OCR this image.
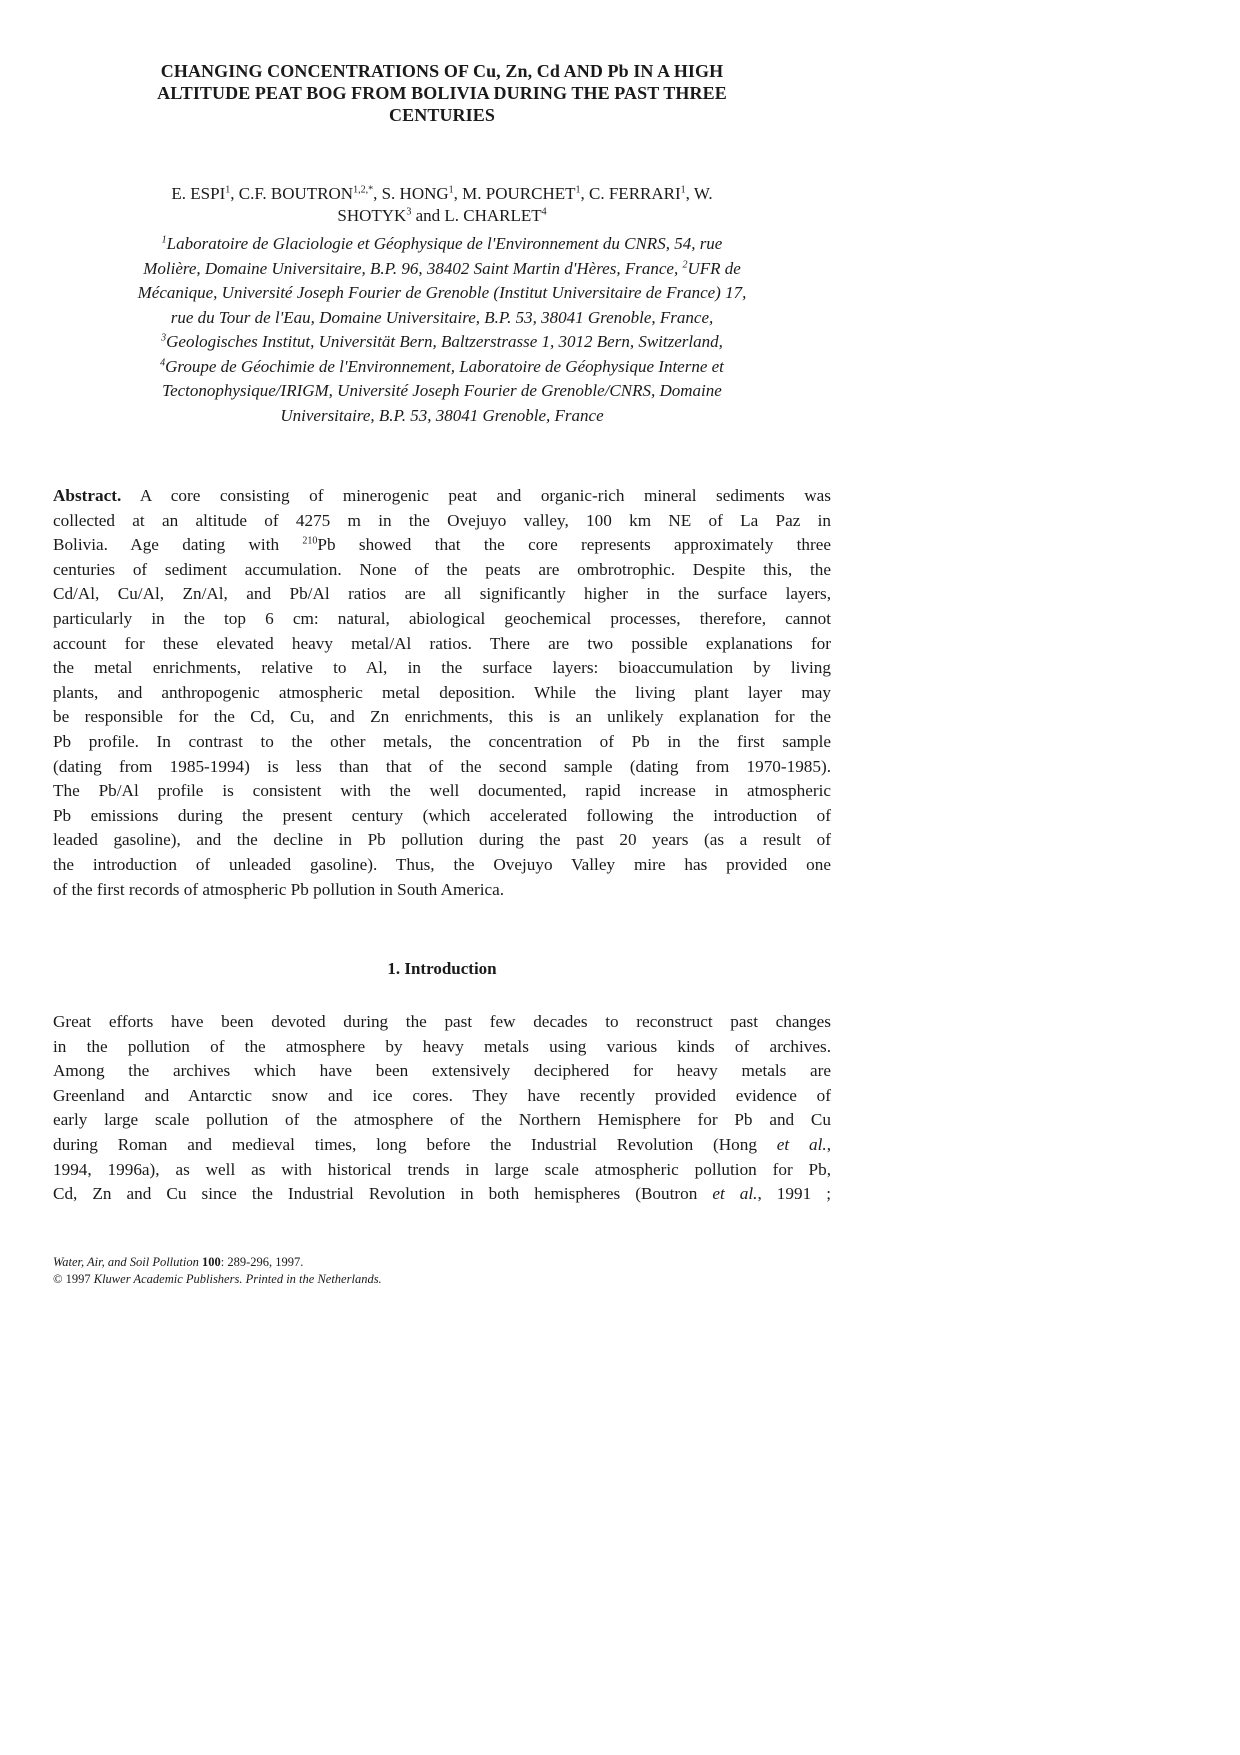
CHANGING CONCENTRATIONS OF Cu, Zn, Cd AND Pb IN A HIGH
ALTITUDE PEAT BOG FROM BOLIVIA DURING THE PAST THREE
CENTURIES
E. ESPI$^1$, C.F. $BOUTRON^{1,2,*}$, S. HONG$^1$, M. POURCHET$^1$, C. FERRARI$^1$, W.
SHOTYK$^3$ and L. CHARLET$^4$
$^1$Laboratoire de Glaciologie et Géophysique de l'Environnement du CNRS, 54, rue
Molière, Domaine Universitaire, B.P. 96, 38402 Saint Martin d'Hères, France, $^2$UFR de
Mécanique, Université Joseph Fourier de Grenoble (Institut Universitaire de France) 17,
rue du Tour de l'Eau, Domaine Universitaire, B.P. 53, 38041 Grenoble, France,
$^3$Geologisches Institut, Universität Bern, Baltzerstrasse 1, 3012 Bern, Switzerland,
$^4$Groupe de Géochimie de l'Environnement, Laboratoire de Géophysique Interne et
Tectonophysique/IRIGM, Université Joseph Fourier de Grenoble/CNRS, Domaine
Universitaire, B.P. 53, 38041 Grenoble, France
Abstract. A core consisting of minerogenic peat and organic-rich mineral sediments was
collected at an altitude of 4275 m in the Ovejuyo valley, 100 km NE of La Paz in
Bolivia. Age dating with $^{210}$Pb showed that the core represents approximately three
centuries of sediment accumulation. None of the peats are ombrotrophic. Despite this, the
Cd/Al, Cu/Al, Zn/Al, and Pb/Al ratios are all significantly higher in the surface layers,
particularly in the top 6 cm: natural, abiological geochemical processes, therefore, cannot
account for these elevated heavy metal/Al ratios. There are two possible explanations for
the metal enrichments, relative to Al, in the surface layers: bioaccumulation by living
plants, and anthropogenic atmospheric metal deposition. While the living plant layer may
be responsible for the Cd, Cu, and Zn enrichments, this is an unlikely explanation for the
Pb profile. In contrast to the other metals, the concentration of Pb in the first sample
(dating from 1985-1994) is less than that of the second sample (dating from 1970-1985).
The Pb/Al profile is consistent with the well documented, rapid increase in atmospheric
Pb emissions during the present century (which accelerated following the introduction of
leaded gasoline), and the decline in Pb pollution during the past 20 years (as a result of
the introduction of unleaded gasoline). Thus, the Ovejuyo Valley mire has provided one
of the first records of atmospheric Pb pollution in South America.
1. Introduction
Great efforts have been devoted during the past few decades to reconstruct past changes
in the pollution of the atmosphere by heavy metals using various kinds of archives.
Among the archives which have been extensively deciphered for heavy metals are
Greenland and Antarctic snow and ice cores. They have recently provided evidence of
early large scale pollution of the atmosphere of the Northern Hemisphere for Pb and Cu
during Roman and medieval times, long before the Industrial Revolution (Hong et al.,
1994, 1996a), as well as with historical trends in large scale atmospheric pollution for Pb,
Cd, Zn and Cu since the Industrial Revolution in both hemispheres (Boutron et al., 1991 ;
Water, Air, and Soil Pollution 100: 289-296, 1997.
© 1997 Kluwer Academic Publishers. Printed in the Netherlands.
